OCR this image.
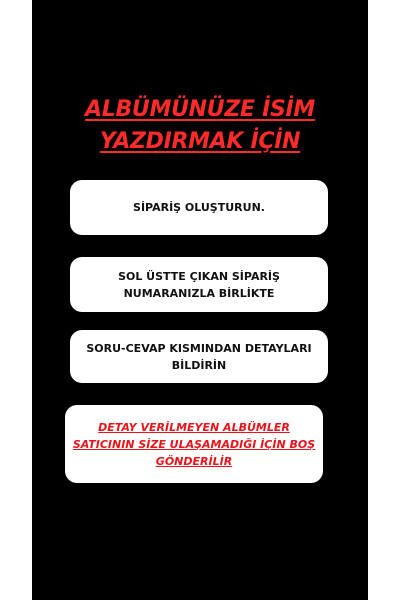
ALBÜMÜNÜZE İSİM
YAZDIRMAK İÇİN
SİPARİŞ OLUŞTURUN.
SOL ÜSTTE ÇIKAN SİPARİŞ
NUMARANIZLA BİRLİKTE
SORU-CEVAP KISMINDAN DETAYLARI
BİLDİRİN
DETAY VERİLMEYEN ALBÜMLER
SATICININ SİZE ULAŞAMADIĞI İÇİN BOŞ
GÖNDERİLİR
